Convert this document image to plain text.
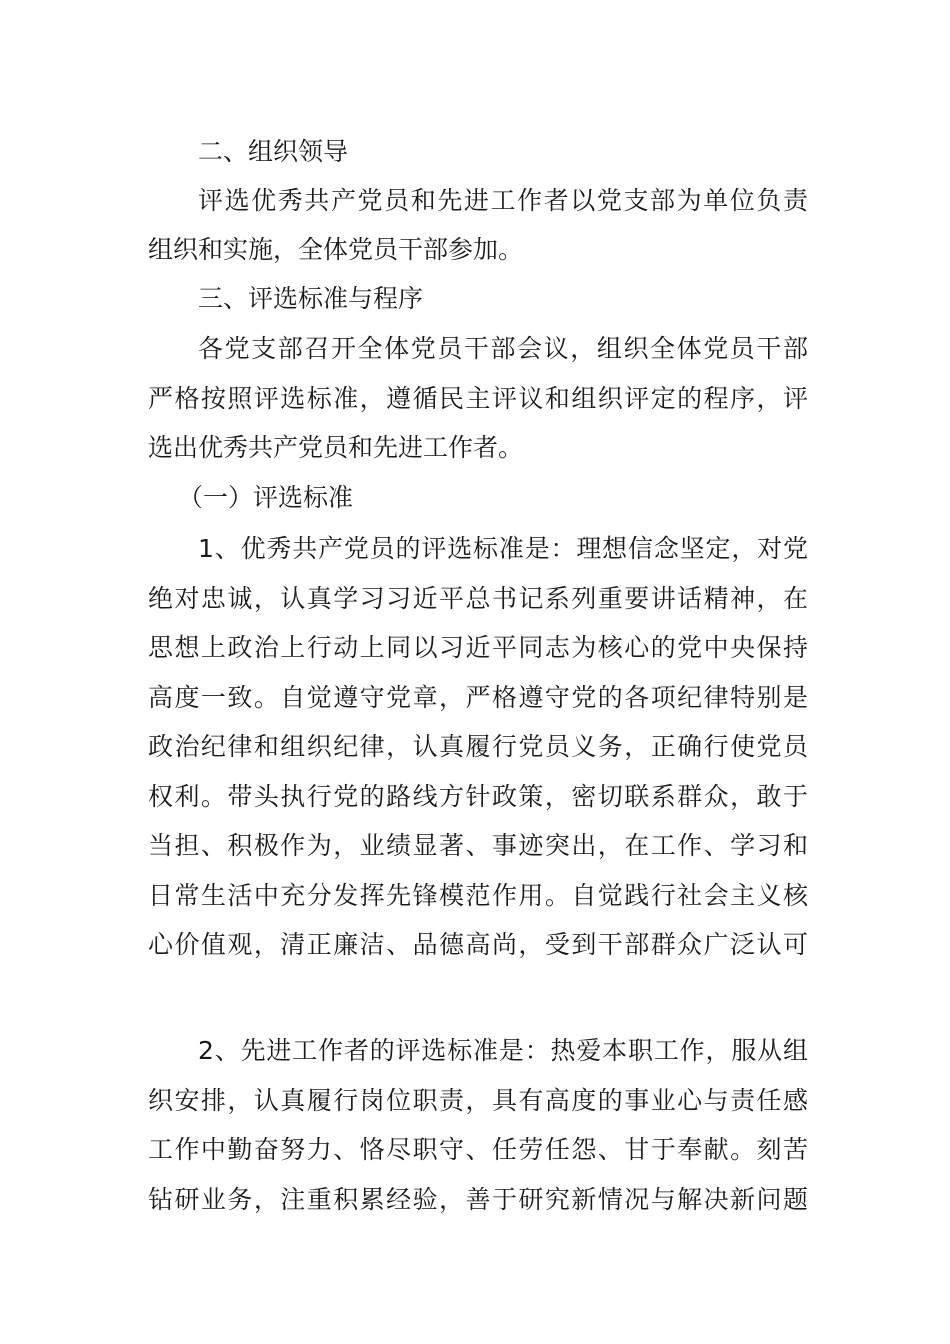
二、组织领导
评选优秀共产党员和先进工作者以党支部为单位负责
组织和实施，全体党员干部参加。
三、评选标准与程序
各党支部召开全体党员干部会议，组织全体党员干部
严格按照评选标准，遵循民主评议和组织评定的程序，评
选出优秀共产党员和先进工作者。
（一）评选标准
1、优秀共产党员的评选标准是：理想信念坚定，对党
绝对忠诚，认真学习习近平总书记系列重要讲话精神，在
思想上政治上行动上同以习近平同志为核心的党中央保持
高度一致。自觉遵守党章，严格遵守党的各项纪律特别是
政治纪律和组织纪律，认真履行党员义务，正确行使党员
权利。带头执行党的路线方针政策，密切联系群众，敢于
当担、积极作为，业绩显著、事迹突出，在工作、学习和
日常生活中充分发挥先锋模范作用。自觉践行社会主义核
心价值观，清正廉洁、品德高尚，受到干部群众广泛认可
2、先进工作者的评选标准是：热爱本职工作，服从组
织安排，认真履行岗位职责，具有高度的事业心与责任感
工作中勤奋努力、恪尽职守、任劳任怨、甘于奉献。刻苦
钻研业务，注重积累经验，善于研究新情况与解决新问题
